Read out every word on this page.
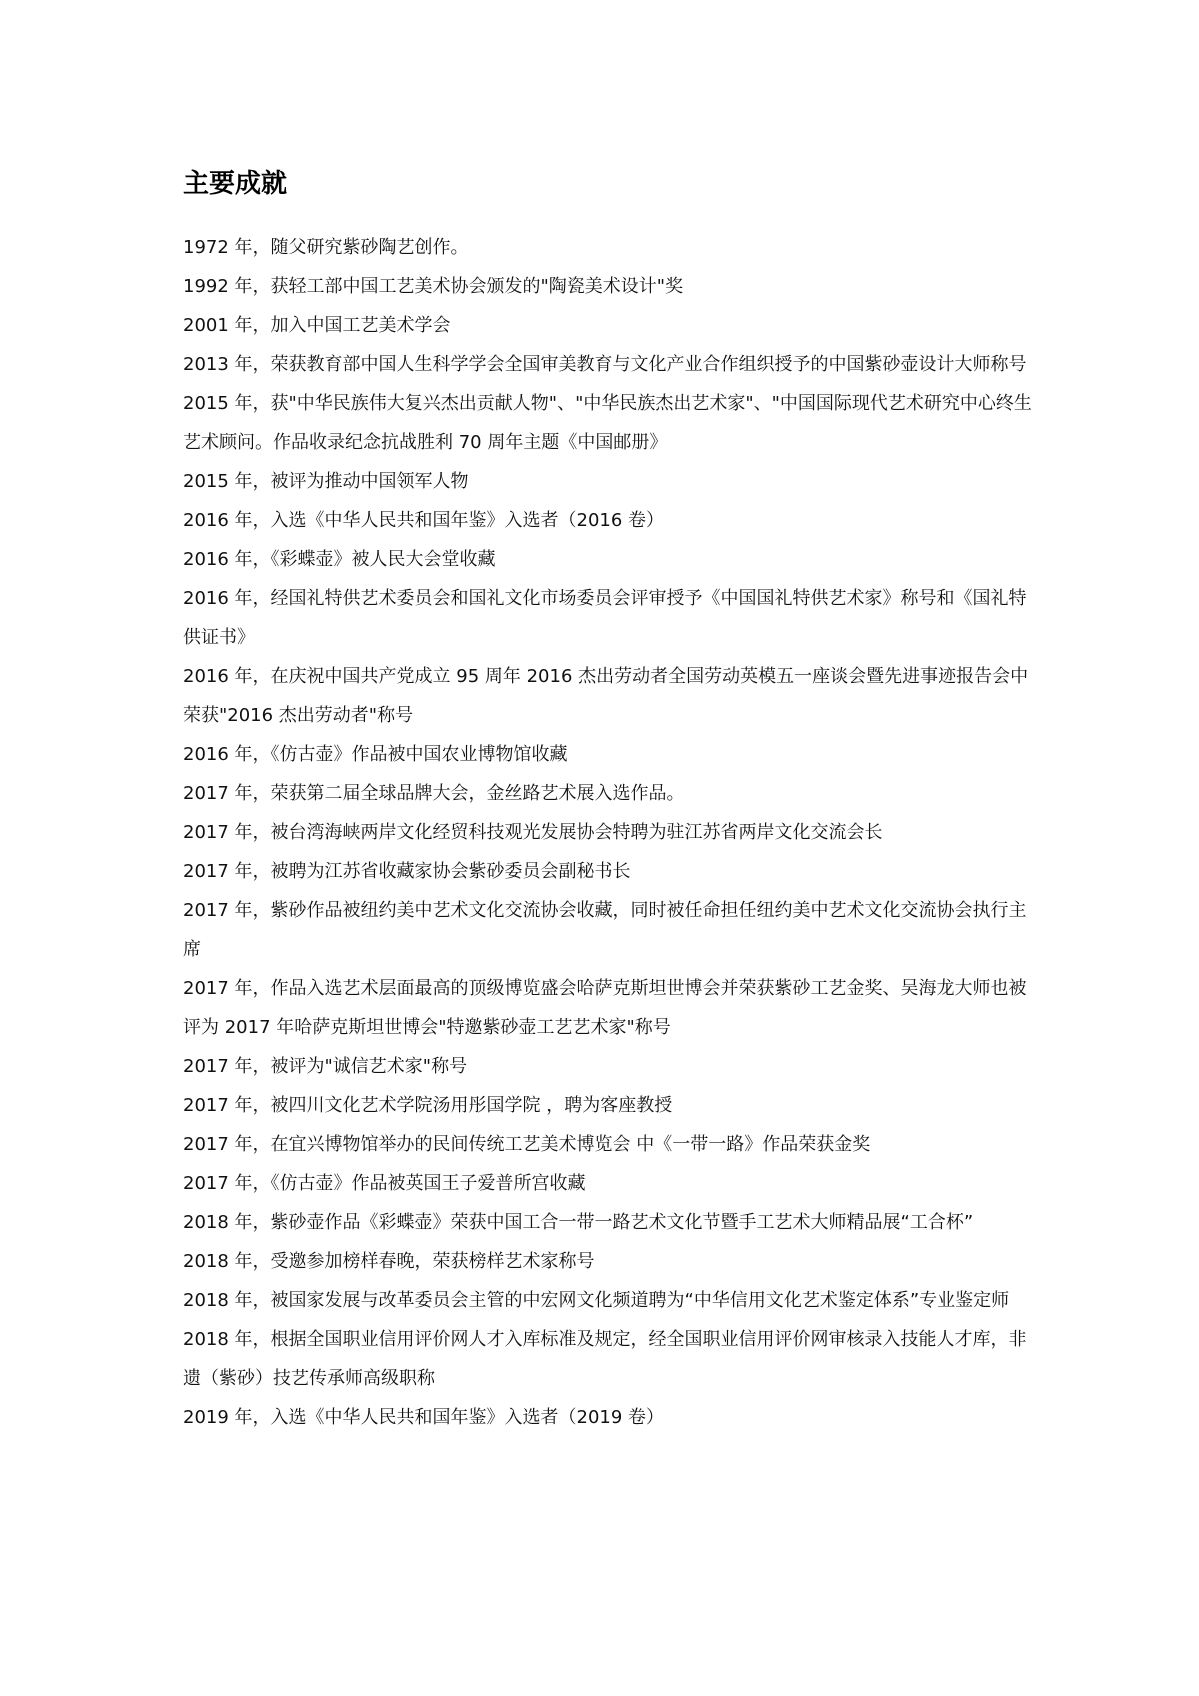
主要成就
1972 年，随父研究紫砂陶艺创作。
1992 年，获轻工部中国工艺美术协会颁发的"陶瓷美术设计"奖
2001 年，加入中国工艺美术学会
2013 年，荣获教育部中国人生科学学会全国审美教育与文化产业合作组织授予的中国紫砂壶设计大师称号
2015 年，获"中华民族伟大复兴杰出贡献人物"、"中华民族杰出艺术家"、"中国国际现代艺术研究中心终生艺术顾问。作品收录纪念抗战胜利 70 周年主题《中国邮册》
2015 年，被评为推动中国领军人物
2016 年，入选《中华人民共和国年鉴》入选者（2016 卷）
2016 年，《彩蝶壶》被人民大会堂收藏
2016 年，经国礼特供艺术委员会和国礼文化市场委员会评审授予《中国国礼特供艺术家》称号和《国礼特供证书》
2016 年，在庆祝中国共产党成立 95 周年 2016 杰出劳动者全国劳动英模五一座谈会暨先进事迹报告会中荣获"2016 杰出劳动者"称号
2016 年，《仿古壶》作品被中国农业博物馆收藏
2017 年，荣获第二届全球品牌大会，金丝路艺术展入选作品。
2017 年，被台湾海峡两岸文化经贸科技观光发展协会特聘为驻江苏省两岸文化交流会长
2017 年，被聘为江苏省收藏家协会紫砂委员会副秘书长
2017 年，紫砂作品被纽约美中艺术文化交流协会收藏，同时被任命担任纽约美中艺术文化交流协会执行主席
2017 年，作品入选艺术层面最高的顶级博览盛会哈萨克斯坦世博会并荣获紫砂工艺金奖、吴海龙大师也被评为 2017 年哈萨克斯坦世博会"特邀紫砂壶工艺艺术家"称号
2017 年，被评为"诚信艺术家"称号
2017 年，被四川文化艺术学院汤用彤国学院 ，聘为客座教授
2017 年，在宜兴博物馆举办的民间传统工艺美术博览会 中《一带一路》作品荣获金奖
2017 年，《仿古壶》作品被英国王子爱普所宫收藏
2018 年，紫砂壶作品《彩蝶壶》荣获中国工合一带一路艺术文化节暨手工艺术大师精品展“工合杯”
2018 年，受邀参加榜样春晚，荣获榜样艺术家称号
2018 年，被国家发展与改革委员会主管的中宏网文化频道聘为“中华信用文化艺术鉴定体系”专业鉴定师
2018 年，根据全国职业信用评价网人才入库标准及规定，经全国职业信用评价网审核录入技能人才库，非遗（紫砂）技艺传承师高级职称
2019 年，入选《中华人民共和国年鉴》入选者（2019 卷）
